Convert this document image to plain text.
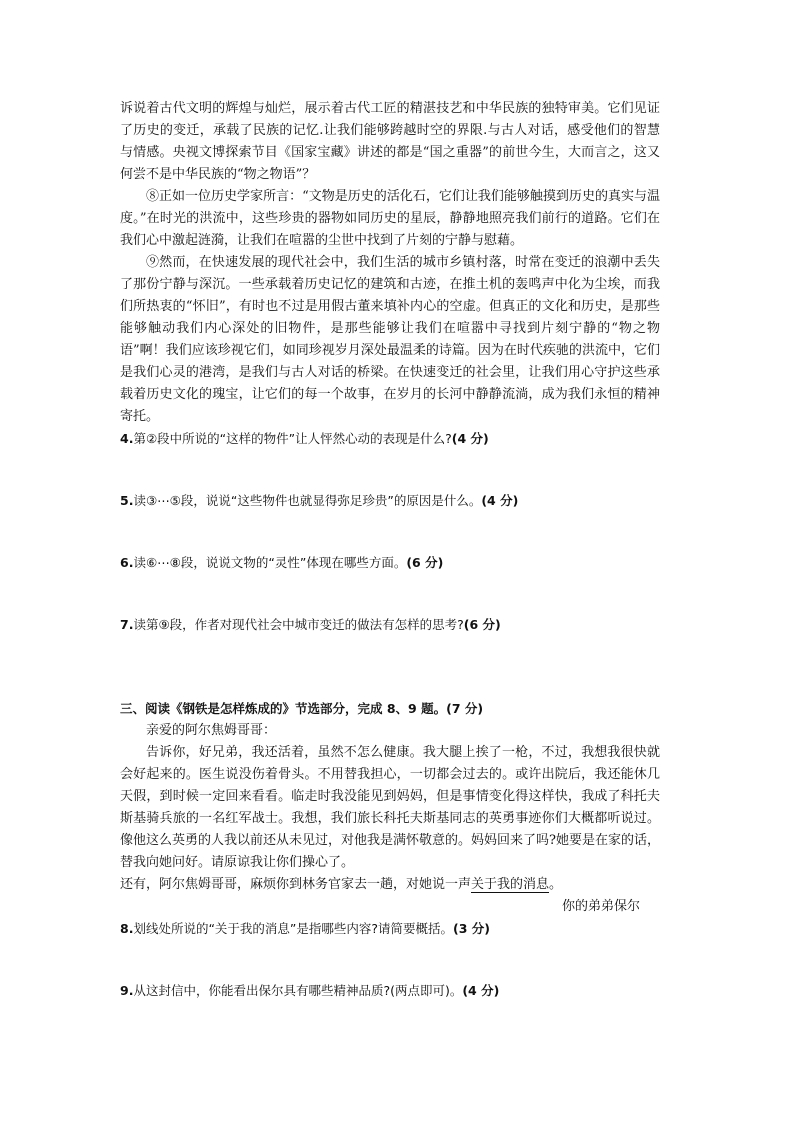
诉说着古代文明的辉煌与灿烂，展示着古代工匠的精湛技艺和中华民族的独特审美。它们见证了历史的变迁，承载了民族的记忆.让我们能够跨越时空的界限.与古人对话，感受他们的智慧与情感。央视文博探索节目《国家宝藏》讲述的都是“国之重器”的前世今生，大而言之，这又何尝不是中华民族的“物之物语”？

⑧正如一位历史学家所言：“文物是历史的活化石，它们让我们能够触摸到历史的真实与温度。”在时光的洪流中，这些珍贵的器物如同历史的星辰，静静地照亮我们前行的道路。它们在我们心中激起涟漪，让我们在喧嚣的尘世中找到了片刻的宁静与慰藉。

⑨然而，在快速发展的现代社会中，我们生活的城市乡镇村落，时常在变迁的浪潮中丢失了那份宁静与深沉。一些承载着历史记忆的建筑和古迹，在推土机的轰鸣声中化为尘埃，而我们所热衷的“怀旧”，有时也不过是用假古董来填补内心的空虚。但真正的文化和历史，是那些能够触动我们内心深处的旧物件，是那些能够让我们在喧嚣中寻找到片刻宁静的“物之物语”啊！我们应该珍视它们，如同珍视岁月深处最温柔的诗篇。因为在时代疾驰的洪流中，它们是我们心灵的港湾，是我们与古人对话的桥梁。在快速变迁的社会里，让我们用心守护这些承载着历史文化的瑰宝，让它们的每一个故事，在岁月的长河中静静流淌，成为我们永恒的精神寄托。

4.第②段中所说的“这样的物件”让人怦然心动的表现是什么?(4 分)

5.读③⋯⑤段，说说“这些物件也就显得弥足珍贵”的原因是什么。(4 分)

6.读⑥⋯⑧段，说说文物的“灵性”体现在哪些方面。(6 分)

7.读第⑨段，作者对现代社会中城市变迁的做法有怎样的思考?(6 分)

三、阅读《钢铁是怎样炼成的》节选部分，完成 8、9 题。(7 分)

亲爱的阿尔焦姆哥哥：

告诉你，好兄弟，我还活着，虽然不怎么健康。我大腿上挨了一枪，不过，我想我很快就会好起来的。医生说没伤着骨头。不用替我担心，一切都会过去的。或许出院后，我还能休几天假，到时候一定回来看看。临走时我没能见到妈妈，但是事情变化得这样快，我成了科托夫斯基骑兵旅的一名红军战士。我想，我们旅长科托夫斯基同志的英勇事迹你们大概都听说过。像他这么英勇的人我以前还从未见过，对他我是满怀敬意的。妈妈回来了吗?她要是在家的话，替我向她问好。请原谅我让你们操心了。

还有，阿尔焦姆哥哥，麻烦你到林务官家去一趟，对她说一声关于我的消息。

你的弟弟保尔

8.划线处所说的“关于我的消息”是指哪些内容?请简要概括。(3 分)

9.从这封信中，你能看出保尔具有哪些精神品质?(两点即可)。(4 分)
